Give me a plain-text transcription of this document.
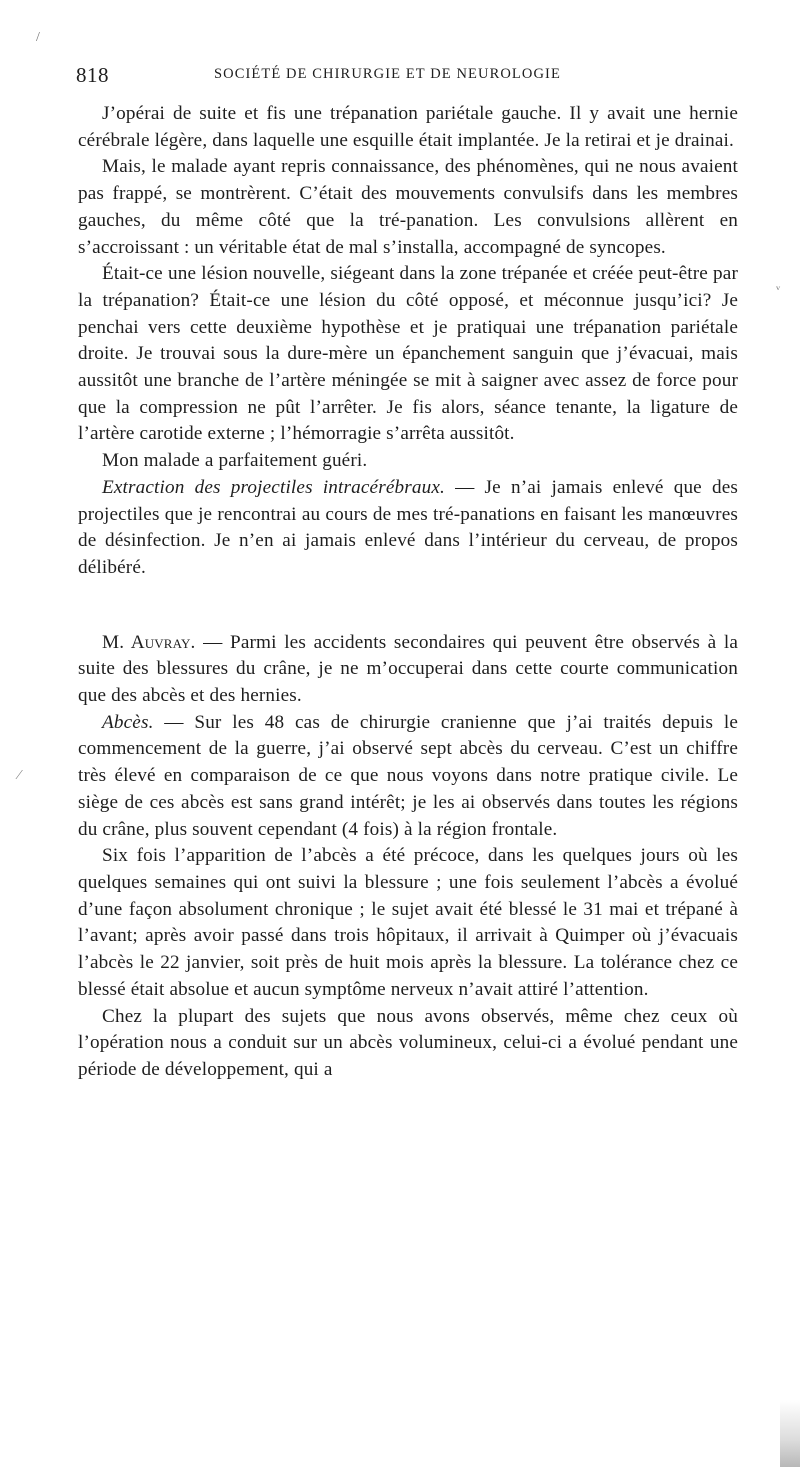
/
ᵥ
⁄
818	SOCIÉTÉ DE CHIRURGIE ET DE NEUROLOGIE

J’opérai de suite et fis une trépanation pariétale gauche. Il y avait une hernie cérébrale légère, dans laquelle une esquille était implantée. Je la retirai et je drainai.

Mais, le malade ayant repris connaissance, des phénomènes, qui ne nous avaient pas frappé, se montrèrent. C’était des mouvements convulsifs dans les membres gauches, du même côté que la tré-panation. Les convulsions allèrent en s’accroissant : un véritable état de mal s’installa, accompagné de syncopes.

Était-ce une lésion nouvelle, siégeant dans la zone trépanée et créée peut-être par la trépanation? Était-ce une lésion du côté opposé, et méconnue jusqu’ici? Je penchai vers cette deuxième hypothèse et je pratiquai une trépanation pariétale droite. Je trouvai sous la dure-mère un épanchement sanguin que j’évacuai, mais aussitôt une branche de l’artère méningée se mit à saigner avec assez de force pour que la compression ne pût l’arrêter. Je fis alors, séance tenante, la ligature de l’artère carotide externe ; l’hémorragie s’arrêta aussitôt.

Mon malade a parfaitement guéri.

Extraction des projectiles intracérébraux. — Je n’ai jamais enlevé que des projectiles que je rencontrai au cours de mes tré-panations en faisant les manœuvres de désinfection. Je n’en ai jamais enlevé dans l’intérieur du cerveau, de propos délibéré.

M. Auvray. — Parmi les accidents secondaires qui peuvent être observés à la suite des blessures du crâne, je ne m’occuperai dans cette courte communication que des abcès et des hernies.

Abcès. — Sur les 48 cas de chirurgie cranienne que j’ai traités depuis le commencement de la guerre, j’ai observé sept abcès du cerveau. C’est un chiffre très élevé en comparaison de ce que nous voyons dans notre pratique civile. Le siège de ces abcès est sans grand intérêt; je les ai observés dans toutes les régions du crâne, plus souvent cependant (4 fois) à la région frontale.

Six fois l’apparition de l’abcès a été précoce, dans les quelques jours où les quelques semaines qui ont suivi la blessure ; une fois seulement l’abcès a évolué d’une façon absolument chronique ; le sujet avait été blessé le 31 mai et trépané à l’avant; après avoir passé dans trois hôpitaux, il arrivait à Quimper où j’évacuais l’abcès le 22 janvier, soit près de huit mois après la blessure. La tolérance chez ce blessé était absolue et aucun symptôme nerveux n’avait attiré l’attention.

Chez la plupart des sujets que nous avons observés, même chez ceux où l’opération nous a conduit sur un abcès volumineux, celui-ci a évolué pendant une période de développement, qui a
